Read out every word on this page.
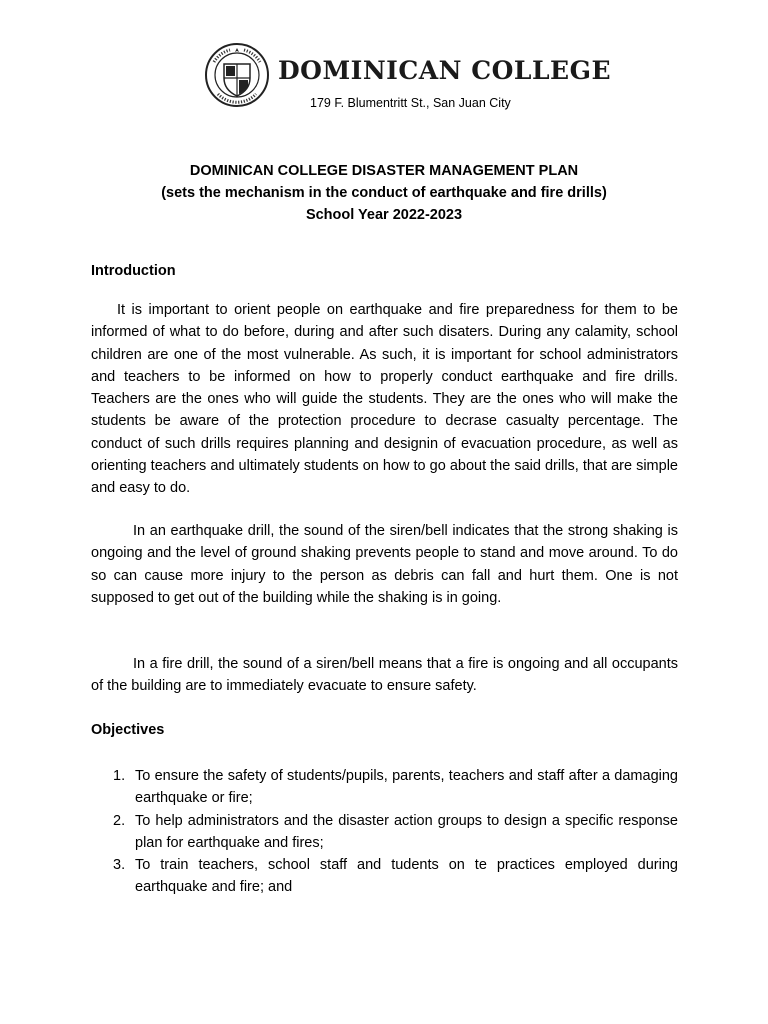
DOMINICAN COLLEGE
179 F. Blumentritt St., San Juan City
DOMINICAN COLLEGE DISASTER MANAGEMENT PLAN
(sets the mechanism in the conduct of earthquake and fire drills)
School Year 2022-2023
Introduction

It is important to orient people on earthquake and fire preparedness for them to be informed of what to do before, during and after such disaters. During any calamity, school children are one of the most vulnerable. As such, it is important for school administrators and teachers to be informed on how to properly conduct earthquake and fire drills. Teachers are the ones who will guide the students. They are the ones who will make the students be aware of the protection procedure to decrase casualty percentage. The conduct of such drills requires planning and designin of evacuation procedure, as well as orienting teachers and ultimately students on how to go about the said drills, that are simple and easy to do.

In an earthquake drill, the sound of the siren/bell indicates that the strong shaking is ongoing and the level of ground shaking prevents people to stand and move around. To do so can cause more injury to the person as debris can fall and hurt them. One is not supposed to get out of the building while the shaking is in going.

In a fire drill, the sound of a siren/bell means that a fire is ongoing and all occupants of the building are to immediately evacuate to ensure safety.

Objectives
1. To ensure the safety of students/pupils, parents, teachers and staff after a damaging earthquake or fire;
2. To help administrators and the disaster action groups to design a specific response plan for earthquake and fires;
3. To train teachers, school staff and tudents on te practices employed during earthquake and fire; and
